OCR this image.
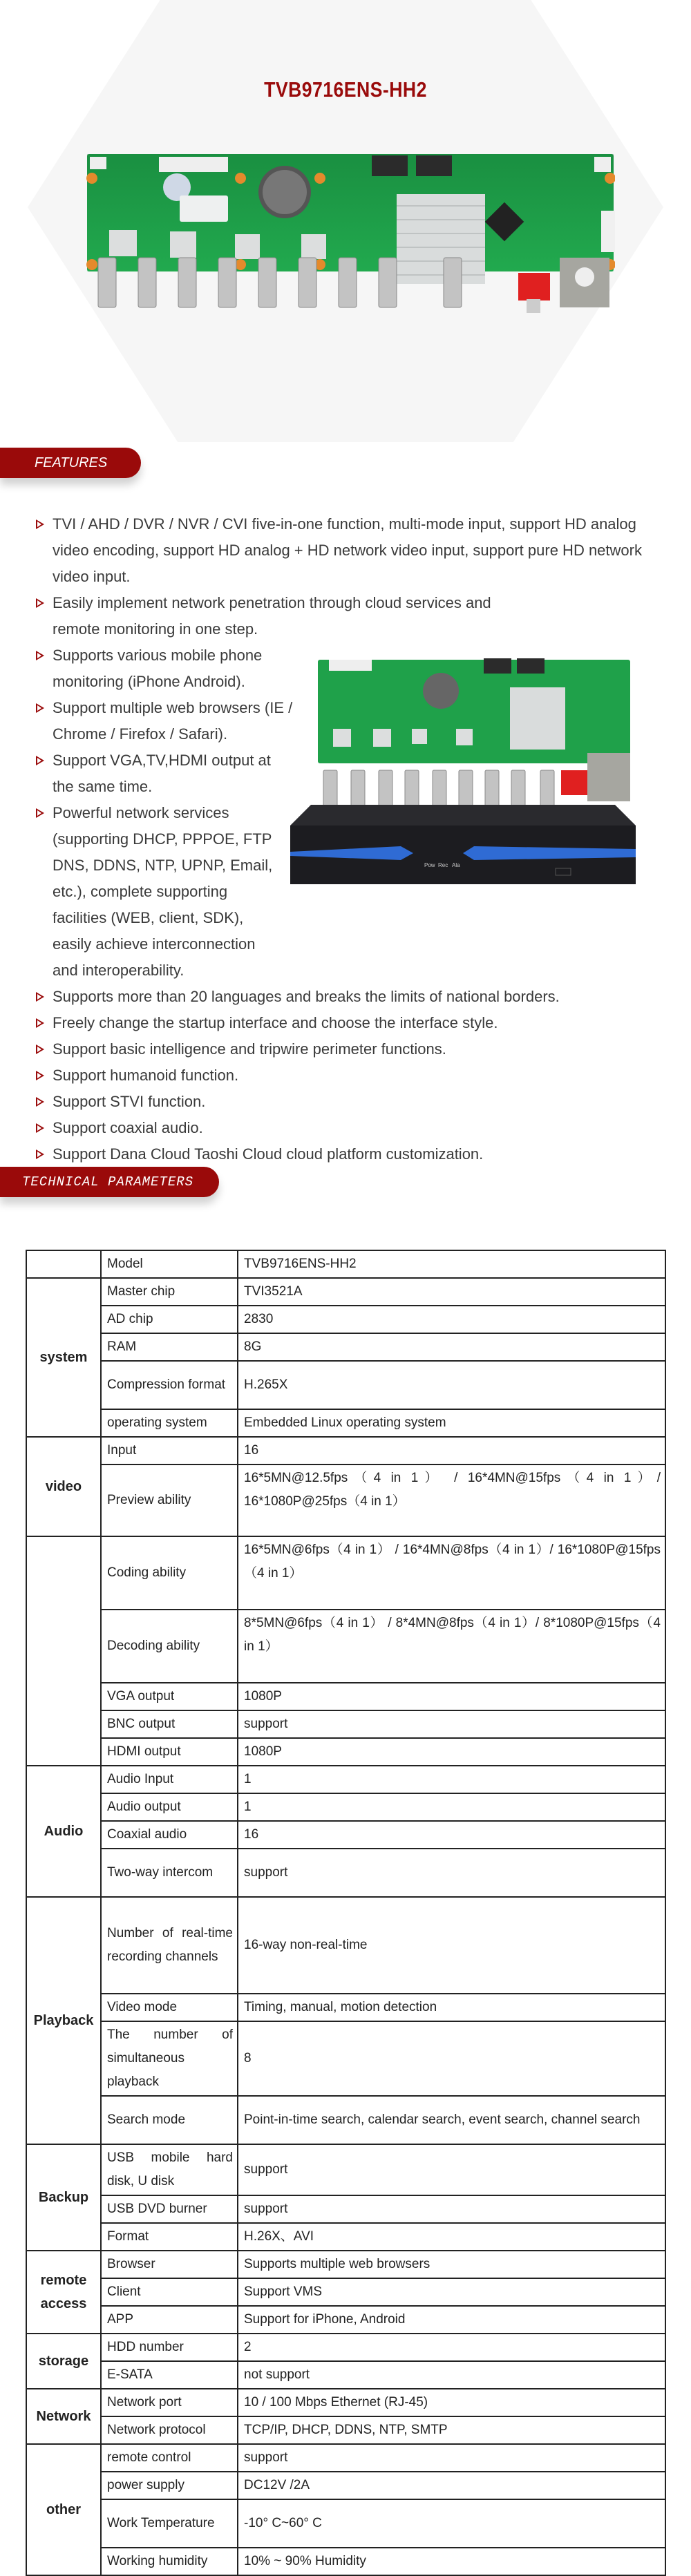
TVB9716ENS-HH2
FEATURES
TVI / AHD / DVR / NVR / CVI five-in-one function, multi-mode input, support HD analog video encoding, support HD analog + HD network video input, support pure HD network video input.
Easily implement network penetration through cloud services and remote monitoring in one step.
Supports various mobile phone monitoring (iPhone Android).
Support multiple web browsers (IE / Chrome / Firefox / Safari).
Support VGA,TV,HDMI output at the same time.
Powerful network services (supporting DHCP, PPPOE, FTP DNS, DDNS, NTP, UPNP, Email, etc.), complete supporting facilities (WEB, client, SDK), easily achieve interconnection and interoperability.
Supports more than 20 languages and breaks the limits of national borders.
Freely change the startup interface and choose the interface style.
Support basic intelligence and tripwire perimeter functions.
Support humanoid function.
Support STVI function.
Support coaxial audio.
Support Dana Cloud Taoshi Cloud cloud platform customization.
Pow Rec Ala
TECHNICAL PARAMETERS
	Model	TVB9716ENS-HH2
system	Master chip	TVI3521A
	AD chip	2830
	RAM	8G
	Compression format	H.265X
	operating system	Embedded Linux operating system
video	Input	16
	Preview ability	16*5MN@12.5fps（4 in 1） / 16*4MN@15fps（4 in 1）/ 16*1080P@25fps（4 in 1）
	Coding ability	16*5MN@6fps（4 in 1） / 16*4MN@8fps（4 in 1）/ 16*1080P@15fps（4 in 1）
	Decoding ability	8*5MN@6fps（4 in 1） / 8*4MN@8fps（4 in 1）/ 8*1080P@15fps（4 in 1）
	VGA output	1080P
	BNC output	support
	HDMI output	1080P
Audio	Audio Input	1
	Audio output	1
	Coaxial audio	16
	Two-way intercom	support
Playback	Number of real-time recording channels	16-way non-real-time
	Video mode	Timing, manual, motion detection
	The number of simultaneous playback	8
	Search mode	Point-in-time search, calendar search, event search, channel search
Backup	USB mobile hard disk, U disk	support
	USB DVD burner	support
	Format	H.26X、AVI
remote access	Browser	Supports multiple web browsers
	Client	Support VMS
	APP	Support for iPhone, Android
storage	HDD number	2
	E-SATA	not support
Network	Network port	10 / 100 Mbps Ethernet (RJ-45)
	Network protocol	TCP/IP, DHCP, DDNS, NTP, SMTP
other	remote control	support
	power supply	DC12V /2A
	Work Temperature	-10° C~60° C
	Working humidity	10% ~ 90% Humidity
